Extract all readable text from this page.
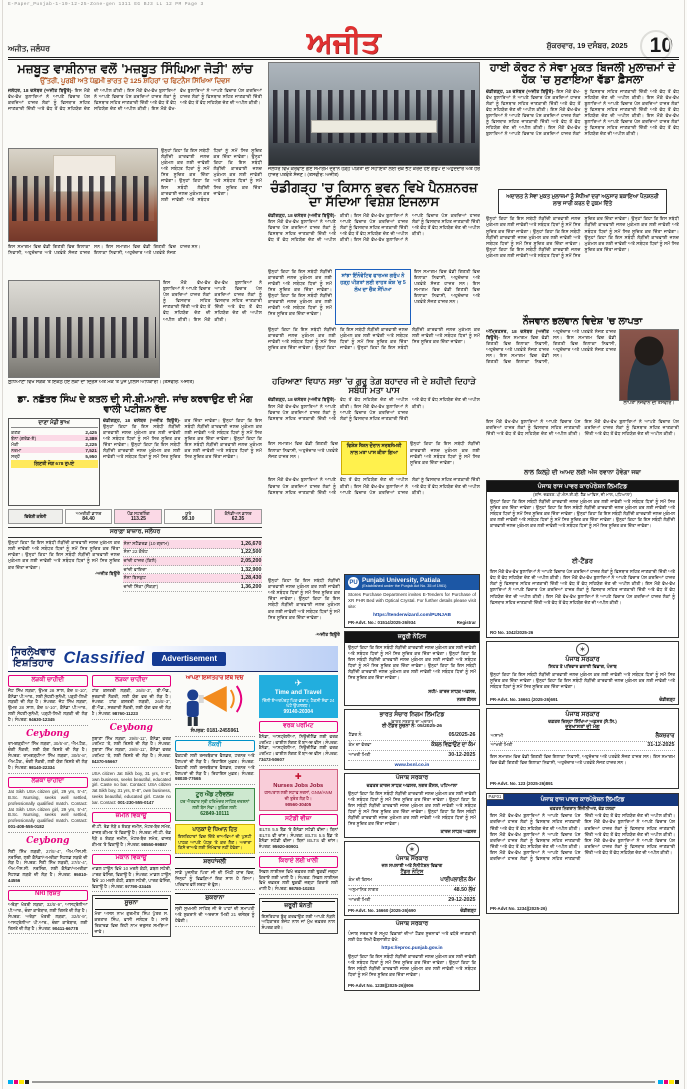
E-Paper_Punjab-1-19-12-25-Zone-gen 1311 EG BJ3 LL 12 PM Page 3
ਅਜੀਤ, ਜਲੰਧਰ	ਅਜੀਤ	ਸ਼ੁੱਕਰਵਾਰ, 19 ਦਸੰਬਰ, 2025 10
ਮਜ਼ਬੂਤ ਵਾਸ਼ੀਨਾਜ਼ ਵਲੋਂ 'ਮਜ਼ਬੂਤ ਸਿੰਘਿਆ ਜੋੜੀ' ਲਾਂਚ
ਉੱਤਰੀ, ਪੂਰਬੀ ਅਤੇ ਪੱਛਮੀ ਭਾਰਤ ਦੇ 125 ਸ਼ਹਿਰਾਂ 'ਚ ਫਿਟਨੈਸ ਸਿੱਖਿਆ ਦਿਵਸ
ਜਲੰਧਰ, 18 ਦਸੰਬਰ (ਅਜੀਤ ਬਿਊਰੋ)- ਇਸ ਮੌਕੇ ਵੱਖ-ਵੱਖ ਬੁਲਾਰਿਆਂ ਨੇ ਆਪਣੇ ਵਿਚਾਰ ਪੇਸ਼ ਕਰਦਿਆਂ ਹਾਜ਼ਰ ਲੋਕਾਂ ਨੂੰ ਵਿਸਥਾਰ ਸਹਿਤ ਜਾਣਕਾਰੀ ਦਿੱਤੀ ਅਤੇ ਵੱਧ ਤੋਂ ਵੱਧ ਸਹਿਯੋਗ ਦੇਣ ਦੀ ਅਪੀਲ ਕੀਤੀ। ਇਸ ਮੌਕੇ ਵੱਖ-ਵੱਖ ਬੁਲਾਰਿਆਂ ਨੇ ਆਪਣੇ ਵਿਚਾਰ ਪੇਸ਼ ਕਰਦਿਆਂ ਹਾਜ਼ਰ ਲੋਕਾਂ ਨੂੰ ਵਿਸਥਾਰ ਸਹਿਤ ਜਾਣਕਾਰੀ ਦਿੱਤੀ ਅਤੇ ਵੱਧ ਤੋਂ ਵੱਧ ਸਹਿਯੋਗ ਦੇਣ ਦੀ ਅਪੀਲ ਕੀਤੀ। ਇਸ ਮੌਕੇ ਵੱਖ-ਵੱਖ ਬੁਲਾਰਿਆਂ ਨੇ ਆਪਣੇ ਵਿਚਾਰ ਪੇਸ਼ ਕਰਦਿਆਂ ਹਾਜ਼ਰ ਲੋਕਾਂ ਨੂੰ ਵਿਸਥਾਰ ਸਹਿਤ ਜਾਣਕਾਰੀ ਦਿੱਤੀ ਅਤੇ ਵੱਧ ਤੋਂ ਵੱਧ ਸਹਿਯੋਗ ਦੇਣ ਦੀ ਅਪੀਲ ਕੀਤੀ।
ਉਨ੍ਹਾਂ ਕਿਹਾ ਕਿ ਇਸ ਸਬੰਧੀ ਲੋੜੀਂਦੀ ਕਾਰਵਾਈ ਜਲਦ ਮੁਕੰਮਲ ਕਰ ਲਈ ਜਾਵੇਗੀ ਅਤੇ ਸਬੰਧਤ ਧਿਰਾਂ ਨੂੰ ਸਮੇਂ ਸਿਰ ਸੂਚਿਤ ਕਰ ਦਿੱਤਾ ਜਾਵੇਗਾ। ਉਨ੍ਹਾਂ ਕਿਹਾ ਕਿ ਇਸ ਸਬੰਧੀ ਲੋੜੀਂਦੀ ਕਾਰਵਾਈ ਜਲਦ ਮੁਕੰਮਲ ਕਰ ਲਈ ਜਾਵੇਗੀ ਅਤੇ ਸਬੰਧਤ ਧਿਰਾਂ ਨੂੰ ਸਮੇਂ ਸਿਰ ਸੂਚਿਤ ਕਰ ਦਿੱਤਾ ਜਾਵੇਗਾ। ਉਨ੍ਹਾਂ ਕਿਹਾ ਕਿ ਇਸ ਸਬੰਧੀ ਲੋੜੀਂਦੀ ਕਾਰਵਾਈ ਜਲਦ ਮੁਕੰਮਲ ਕਰ ਲਈ ਜਾਵੇਗੀ ਅਤੇ ਸਬੰਧਤ ਧਿਰਾਂ ਨੂੰ ਸਮੇਂ ਸਿਰ ਸੂਚਿਤ ਕਰ ਦਿੱਤਾ ਜਾਵੇਗਾ।
ਇਸ ਸਮਾਗਮ ਵਿਚ ਵੱਡੀ ਗਿਣਤੀ ਵਿਚ ਇਲਾਕਾ ਨਿਵਾਸੀ, ਅਹੁਦੇਦਾਰ ਅਤੇ ਪਤਵੰਤੇ ਸੱਜਣ ਹਾਜ਼ਰ ਸਨ। ਇਸ ਸਮਾਗਮ ਵਿਚ ਵੱਡੀ ਗਿਣਤੀ ਵਿਚ ਇਲਾਕਾ ਨਿਵਾਸੀ, ਅਹੁਦੇਦਾਰ ਅਤੇ ਪਤਵੰਤੇ ਸੱਜਣ ਹਾਜ਼ਰ ਸਨ।
ਇਸ ਮੌਕੇ ਵੱਖ-ਵੱਖ ਬੁਲਾਰਿਆਂ ਨੇ ਆਪਣੇ ਵਿਚਾਰ ਪੇਸ਼ ਕਰਦਿਆਂ ਹਾਜ਼ਰ ਲੋਕਾਂ ਨੂੰ ਵਿਸਥਾਰ ਸਹਿਤ ਜਾਣਕਾਰੀ ਦਿੱਤੀ ਅਤੇ ਵੱਧ ਤੋਂ ਵੱਧ ਸਹਿਯੋਗ ਦੇਣ ਦੀ ਅਪੀਲ ਕੀਤੀ। ਇਸ ਮੌਕੇ ਵੱਖ-ਵੱਖ ਬੁਲਾਰਿਆਂ ਨੇ ਆਪਣੇ ਵਿਚਾਰ ਪੇਸ਼ ਕਰਦਿਆਂ ਹਾਜ਼ਰ ਲੋਕਾਂ ਨੂੰ ਵਿਸਥਾਰ ਸਹਿਤ ਜਾਣਕਾਰੀ ਦਿੱਤੀ ਅਤੇ ਵੱਧ ਤੋਂ ਵੱਧ ਸਹਿਯੋਗ ਦੇਣ ਦੀ ਅਪੀਲ ਕੀਤੀ।
ਲੁਧਿਆਣਾ ਵਿਖੇ ਸੜਕ 'ਤੇ ਇਕੱਠੇ ਹੋਏ ਲੋਕਾਂ ਦਾ ਦ੍ਰਿਸ਼ ਅਤੇ ਮੌਕੇ 'ਤੇ ਪੁੱਜੇ ਪੁਲਿਸ ਅਧਿਕਾਰੀ। (ਤਸਵੀਰ: ਅਜੀਤ)
ਡਾ. ਨਛੱਤਰ ਸਿੰਘ ਦੇ ਕਤਲ ਦੀ ਸੀ.ਬੀ.ਆਈ. ਜਾਂਚ ਕਰਵਾਉਣ ਦੀ ਮੰਗ ਵਾਲੀ ਪਟੀਸ਼ਨ ਰੱਦ
ਦਾਣਾ ਮੰਡੀ ਭਾਅ
ਕਣਕ	2,425
ਝੋਨਾ (ਗਰੇਡ-ਏ)	2,389
ਮੱਕੀ	2,225
ਨਰਮਾ	7,521
ਸਰ੍ਹੋਂ	5,950
ਗਿਣਤੀ ਜੋੜ 678 ਰੁਪਏ
ਚੰਡੀਗੜ੍ਹ, 18 ਦਸੰਬਰ (ਅਜੀਤ ਬਿਊਰੋ)- ਉਨ੍ਹਾਂ ਕਿਹਾ ਕਿ ਇਸ ਸਬੰਧੀ ਲੋੜੀਂਦੀ ਕਾਰਵਾਈ ਜਲਦ ਮੁਕੰਮਲ ਕਰ ਲਈ ਜਾਵੇਗੀ ਅਤੇ ਸਬੰਧਤ ਧਿਰਾਂ ਨੂੰ ਸਮੇਂ ਸਿਰ ਸੂਚਿਤ ਕਰ ਦਿੱਤਾ ਜਾਵੇਗਾ। ਉਨ੍ਹਾਂ ਕਿਹਾ ਕਿ ਇਸ ਸਬੰਧੀ ਲੋੜੀਂਦੀ ਕਾਰਵਾਈ ਜਲਦ ਮੁਕੰਮਲ ਕਰ ਲਈ ਜਾਵੇਗੀ ਅਤੇ ਸਬੰਧਤ ਧਿਰਾਂ ਨੂੰ ਸਮੇਂ ਸਿਰ ਸੂਚਿਤ ਕਰ ਦਿੱਤਾ ਜਾਵੇਗਾ। ਉਨ੍ਹਾਂ ਕਿਹਾ ਕਿ ਇਸ ਸਬੰਧੀ ਲੋੜੀਂਦੀ ਕਾਰਵਾਈ ਜਲਦ ਮੁਕੰਮਲ ਕਰ ਲਈ ਜਾਵੇਗੀ ਅਤੇ ਸਬੰਧਤ ਧਿਰਾਂ ਨੂੰ ਸਮੇਂ ਸਿਰ ਸੂਚਿਤ ਕਰ ਦਿੱਤਾ ਜਾਵੇਗਾ। ਉਨ੍ਹਾਂ ਕਿਹਾ ਕਿ ਇਸ ਸਬੰਧੀ ਲੋੜੀਂਦੀ ਕਾਰਵਾਈ ਜਲਦ ਮੁਕੰਮਲ ਕਰ ਲਈ ਜਾਵੇਗੀ ਅਤੇ ਸਬੰਧਤ ਧਿਰਾਂ ਨੂੰ ਸਮੇਂ ਸਿਰ ਸੂਚਿਤ ਕਰ ਦਿੱਤਾ ਜਾਵੇਗਾ।
ਵਿਦੇਸ਼ੀ ਕਰੰਸੀ
ਅਮਰੀਕੀ ਡਾਲਰ
84.40
ਪੌਂਡ ਸਟਰਲਿੰਗ
113.25
ਯੂਰੋ
99.10
ਕੈਨੇਡੀਅਨ ਡਾਲਰ
62.35
ਸਰਾਫ਼ਾ ਬਾਜ਼ਾਰ, ਜਲੰਧਰ
ਉਨ੍ਹਾਂ ਕਿਹਾ ਕਿ ਇਸ ਸਬੰਧੀ ਲੋੜੀਂਦੀ ਕਾਰਵਾਈ ਜਲਦ ਮੁਕੰਮਲ ਕਰ ਲਈ ਜਾਵੇਗੀ ਅਤੇ ਸਬੰਧਤ ਧਿਰਾਂ ਨੂੰ ਸਮੇਂ ਸਿਰ ਸੂਚਿਤ ਕਰ ਦਿੱਤਾ ਜਾਵੇਗਾ। ਉਨ੍ਹਾਂ ਕਿਹਾ ਕਿ ਇਸ ਸਬੰਧੀ ਲੋੜੀਂਦੀ ਕਾਰਵਾਈ ਜਲਦ ਮੁਕੰਮਲ ਕਰ ਲਈ ਜਾਵੇਗੀ ਅਤੇ ਸਬੰਧਤ ਧਿਰਾਂ ਨੂੰ ਸਮੇਂ ਸਿਰ ਸੂਚਿਤ ਕਰ ਦਿੱਤਾ ਜਾਵੇਗਾ।
-ਅਜੀਤ ਬਿਊਰੋ
ਸੋਨਾ ਸਟੈਂਡਰਡ (10 ਗ੍ਰਾਮ)	1,26,670
ਸੋਨਾ 22 ਕੈਰੇਟ	1,22,500
ਚਾਂਦੀ ਹਾਜ਼ਰ (ਕਿਲੋ)	2,05,200
ਚਾਂਦੀ ਵਾਇਦਾ	1,32,900
ਸੋਨਾ ਬਿਸਕੁਟ	1,28,430
ਚਾਂਦੀ ਸਿੱਕਾ (ਸੈਂਕੜਾ)	1,36,200
ਜਲੰਧਰ ਵਿਖੇ ਕਰਵਾਏ ਗਏ ਸਮਾਗਮ ਦੌਰਾਨ ਹੜ੍ਹ ਪੀੜਤਾਂ ਦੀ ਸਹਾਇਤਾ ਲਈ ਚੈੱਕ ਭੇਟ ਕਰਦੇ ਹੋਏ ਗਰੁੱਪ ਦੇ ਅਹੁਦੇਦਾਰ ਅਤੇ ਹੋਰ ਹਾਜ਼ਰ ਪਤਵੰਤੇ ਸੱਜਣ। (ਤਸਵੀਰ: ਅਜੀਤ)
ਚੰਡੀਗੜ੍ਹ 'ਚ ਕਿਸਾਨ ਭਵਨ ਵਿਖੇ ਪੈਨਸ਼ਨਰਜ਼ ਦਾ ਸੱਦਿਆ ਵਿਸ਼ੇਸ਼ ਇਜਲਾਸ
ਚੰਡੀਗੜ੍ਹ, 18 ਦਸੰਬਰ (ਅਜੀਤ ਬਿਊਰੋ)- ਇਸ ਮੌਕੇ ਵੱਖ-ਵੱਖ ਬੁਲਾਰਿਆਂ ਨੇ ਆਪਣੇ ਵਿਚਾਰ ਪੇਸ਼ ਕਰਦਿਆਂ ਹਾਜ਼ਰ ਲੋਕਾਂ ਨੂੰ ਵਿਸਥਾਰ ਸਹਿਤ ਜਾਣਕਾਰੀ ਦਿੱਤੀ ਅਤੇ ਵੱਧ ਤੋਂ ਵੱਧ ਸਹਿਯੋਗ ਦੇਣ ਦੀ ਅਪੀਲ ਕੀਤੀ। ਇਸ ਮੌਕੇ ਵੱਖ-ਵੱਖ ਬੁਲਾਰਿਆਂ ਨੇ ਆਪਣੇ ਵਿਚਾਰ ਪੇਸ਼ ਕਰਦਿਆਂ ਹਾਜ਼ਰ ਲੋਕਾਂ ਨੂੰ ਵਿਸਥਾਰ ਸਹਿਤ ਜਾਣਕਾਰੀ ਦਿੱਤੀ ਅਤੇ ਵੱਧ ਤੋਂ ਵੱਧ ਸਹਿਯੋਗ ਦੇਣ ਦੀ ਅਪੀਲ ਕੀਤੀ। ਇਸ ਮੌਕੇ ਵੱਖ-ਵੱਖ ਬੁਲਾਰਿਆਂ ਨੇ ਆਪਣੇ ਵਿਚਾਰ ਪੇਸ਼ ਕਰਦਿਆਂ ਹਾਜ਼ਰ ਲੋਕਾਂ ਨੂੰ ਵਿਸਥਾਰ ਸਹਿਤ ਜਾਣਕਾਰੀ ਦਿੱਤੀ ਅਤੇ ਵੱਧ ਤੋਂ ਵੱਧ ਸਹਿਯੋਗ ਦੇਣ ਦੀ ਅਪੀਲ ਕੀਤੀ।
ਉਨ੍ਹਾਂ ਕਿਹਾ ਕਿ ਇਸ ਸਬੰਧੀ ਲੋੜੀਂਦੀ ਕਾਰਵਾਈ ਜਲਦ ਮੁਕੰਮਲ ਕਰ ਲਈ ਜਾਵੇਗੀ ਅਤੇ ਸਬੰਧਤ ਧਿਰਾਂ ਨੂੰ ਸਮੇਂ ਸਿਰ ਸੂਚਿਤ ਕਰ ਦਿੱਤਾ ਜਾਵੇਗਾ। ਉਨ੍ਹਾਂ ਕਿਹਾ ਕਿ ਇਸ ਸਬੰਧੀ ਲੋੜੀਂਦੀ ਕਾਰਵਾਈ ਜਲਦ ਮੁਕੰਮਲ ਕਰ ਲਈ ਜਾਵੇਗੀ ਅਤੇ ਸਬੰਧਤ ਧਿਰਾਂ ਨੂੰ ਸਮੇਂ ਸਿਰ ਸੂਚਿਤ ਕਰ ਦਿੱਤਾ ਜਾਵੇਗਾ।
ਸਾਂਝਾ ਇੰਨੋਵੇਟਿਵ ਫਾਰਮਜ਼ ਗਰੁੱਪ ਨੇ ਹੜ੍ਹ ਪੀੜਤਾਂ ਲਈ ਰਾਹਤ ਕੋਸ਼ 'ਚ 5 ਲੱਖ ਦਾ ਚੈੱਕ ਸੌਂਪਿਆ
ਇਸ ਸਮਾਗਮ ਵਿਚ ਵੱਡੀ ਗਿਣਤੀ ਵਿਚ ਇਲਾਕਾ ਨਿਵਾਸੀ, ਅਹੁਦੇਦਾਰ ਅਤੇ ਪਤਵੰਤੇ ਸੱਜਣ ਹਾਜ਼ਰ ਸਨ। ਇਸ ਸਮਾਗਮ ਵਿਚ ਵੱਡੀ ਗਿਣਤੀ ਵਿਚ ਇਲਾਕਾ ਨਿਵਾਸੀ, ਅਹੁਦੇਦਾਰ ਅਤੇ ਪਤਵੰਤੇ ਸੱਜਣ ਹਾਜ਼ਰ ਸਨ।
ਉਨ੍ਹਾਂ ਕਿਹਾ ਕਿ ਇਸ ਸਬੰਧੀ ਲੋੜੀਂਦੀ ਕਾਰਵਾਈ ਜਲਦ ਮੁਕੰਮਲ ਕਰ ਲਈ ਜਾਵੇਗੀ ਅਤੇ ਸਬੰਧਤ ਧਿਰਾਂ ਨੂੰ ਸਮੇਂ ਸਿਰ ਸੂਚਿਤ ਕਰ ਦਿੱਤਾ ਜਾਵੇਗਾ। ਉਨ੍ਹਾਂ ਕਿਹਾ ਕਿ ਇਸ ਸਬੰਧੀ ਲੋੜੀਂਦੀ ਕਾਰਵਾਈ ਜਲਦ ਮੁਕੰਮਲ ਕਰ ਲਈ ਜਾਵੇਗੀ ਅਤੇ ਸਬੰਧਤ ਧਿਰਾਂ ਨੂੰ ਸਮੇਂ ਸਿਰ ਸੂਚਿਤ ਕਰ ਦਿੱਤਾ ਜਾਵੇਗਾ। ਉਨ੍ਹਾਂ ਕਿਹਾ ਕਿ ਇਸ ਸਬੰਧੀ ਲੋੜੀਂਦੀ ਕਾਰਵਾਈ ਜਲਦ ਮੁਕੰਮਲ ਕਰ ਲਈ ਜਾਵੇਗੀ ਅਤੇ ਸਬੰਧਤ ਧਿਰਾਂ ਨੂੰ ਸਮੇਂ ਸਿਰ ਸੂਚਿਤ ਕਰ ਦਿੱਤਾ ਜਾਵੇਗਾ।
ਹਰਿਆਣਾ ਵਿਧਾਨ ਸਭਾ 'ਚ ਗੁਰੂ ਤੇਗ਼ ਬਹਾਦਰ ਜੀ ਦੇ ਸ਼ਹੀਦੀ ਦਿਹਾੜੇ ਸਬੰਧੀ ਮਤਾ ਪਾਸ
ਚੰਡੀਗੜ੍ਹ, 18 ਦਸੰਬਰ (ਅਜੀਤ ਬਿਊਰੋ)- ਇਸ ਮੌਕੇ ਵੱਖ-ਵੱਖ ਬੁਲਾਰਿਆਂ ਨੇ ਆਪਣੇ ਵਿਚਾਰ ਪੇਸ਼ ਕਰਦਿਆਂ ਹਾਜ਼ਰ ਲੋਕਾਂ ਨੂੰ ਵਿਸਥਾਰ ਸਹਿਤ ਜਾਣਕਾਰੀ ਦਿੱਤੀ ਅਤੇ ਵੱਧ ਤੋਂ ਵੱਧ ਸਹਿਯੋਗ ਦੇਣ ਦੀ ਅਪੀਲ ਕੀਤੀ। ਇਸ ਮੌਕੇ ਵੱਖ-ਵੱਖ ਬੁਲਾਰਿਆਂ ਨੇ ਆਪਣੇ ਵਿਚਾਰ ਪੇਸ਼ ਕਰਦਿਆਂ ਹਾਜ਼ਰ ਲੋਕਾਂ ਨੂੰ ਵਿਸਥਾਰ ਸਹਿਤ ਜਾਣਕਾਰੀ ਦਿੱਤੀ ਅਤੇ ਵੱਧ ਤੋਂ ਵੱਧ ਸਹਿਯੋਗ ਦੇਣ ਦੀ ਅਪੀਲ ਕੀਤੀ।
ਇਸ ਸਮਾਗਮ ਵਿਚ ਵੱਡੀ ਗਿਣਤੀ ਵਿਚ ਇਲਾਕਾ ਨਿਵਾਸੀ, ਅਹੁਦੇਦਾਰ ਅਤੇ ਪਤਵੰਤੇ ਸੱਜਣ ਹਾਜ਼ਰ ਸਨ।
ਵਿਸ਼ੇਸ਼ ਸੈਸ਼ਨ ਦੌਰਾਨ ਸਰਬਸੰਮਤੀ ਨਾਲ ਮਤਾ ਪਾਸ ਕੀਤਾ ਗਿਆ
ਉਨ੍ਹਾਂ ਕਿਹਾ ਕਿ ਇਸ ਸਬੰਧੀ ਲੋੜੀਂਦੀ ਕਾਰਵਾਈ ਜਲਦ ਮੁਕੰਮਲ ਕਰ ਲਈ ਜਾਵੇਗੀ ਅਤੇ ਸਬੰਧਤ ਧਿਰਾਂ ਨੂੰ ਸਮੇਂ ਸਿਰ ਸੂਚਿਤ ਕਰ ਦਿੱਤਾ ਜਾਵੇਗਾ।
ਇਸ ਮੌਕੇ ਵੱਖ-ਵੱਖ ਬੁਲਾਰਿਆਂ ਨੇ ਆਪਣੇ ਵਿਚਾਰ ਪੇਸ਼ ਕਰਦਿਆਂ ਹਾਜ਼ਰ ਲੋਕਾਂ ਨੂੰ ਵਿਸਥਾਰ ਸਹਿਤ ਜਾਣਕਾਰੀ ਦਿੱਤੀ ਅਤੇ ਵੱਧ ਤੋਂ ਵੱਧ ਸਹਿਯੋਗ ਦੇਣ ਦੀ ਅਪੀਲ ਕੀਤੀ। ਇਸ ਮੌਕੇ ਵੱਖ-ਵੱਖ ਬੁਲਾਰਿਆਂ ਨੇ ਆਪਣੇ ਵਿਚਾਰ ਪੇਸ਼ ਕਰਦਿਆਂ ਹਾਜ਼ਰ ਲੋਕਾਂ ਨੂੰ ਵਿਸਥਾਰ ਸਹਿਤ ਜਾਣਕਾਰੀ ਦਿੱਤੀ ਅਤੇ ਵੱਧ ਤੋਂ ਵੱਧ ਸਹਿਯੋਗ ਦੇਣ ਦੀ ਅਪੀਲ ਕੀਤੀ।
ਉਨ੍ਹਾਂ ਕਿਹਾ ਕਿ ਇਸ ਸਬੰਧੀ ਲੋੜੀਂਦੀ ਕਾਰਵਾਈ ਜਲਦ ਮੁਕੰਮਲ ਕਰ ਲਈ ਜਾਵੇਗੀ ਅਤੇ ਸਬੰਧਤ ਧਿਰਾਂ ਨੂੰ ਸਮੇਂ ਸਿਰ ਸੂਚਿਤ ਕਰ ਦਿੱਤਾ ਜਾਵੇਗਾ। ਉਨ੍ਹਾਂ ਕਿਹਾ ਕਿ ਇਸ ਸਬੰਧੀ ਲੋੜੀਂਦੀ ਕਾਰਵਾਈ ਜਲਦ ਮੁਕੰਮਲ ਕਰ ਲਈ ਜਾਵੇਗੀ ਅਤੇ ਸਬੰਧਤ ਧਿਰਾਂ ਨੂੰ ਸਮੇਂ ਸਿਰ ਸੂਚਿਤ ਕਰ ਦਿੱਤਾ ਜਾਵੇਗਾ।
-ਅਜੀਤ ਬਿਊਰੋ
PU Punjabi University, Patiala
(Established under the Punjab Act No. 35 of 1961)
Stores Purchase Department invites E-Tenders for Purchase of XR PHR Bed with Optical Crystal. For further details please visit site:
https://tenderwizard.com/PUNJAB
PR-Advt. No.: 01514/2025-26/934	Registrar
ਜ਼ਰੂਰੀ ਨੋਟਿਸ
ਉਨ੍ਹਾਂ ਕਿਹਾ ਕਿ ਇਸ ਸਬੰਧੀ ਲੋੜੀਂਦੀ ਕਾਰਵਾਈ ਜਲਦ ਮੁਕੰਮਲ ਕਰ ਲਈ ਜਾਵੇਗੀ ਅਤੇ ਸਬੰਧਤ ਧਿਰਾਂ ਨੂੰ ਸਮੇਂ ਸਿਰ ਸੂਚਿਤ ਕਰ ਦਿੱਤਾ ਜਾਵੇਗਾ। ਉਨ੍ਹਾਂ ਕਿਹਾ ਕਿ ਇਸ ਸਬੰਧੀ ਲੋੜੀਂਦੀ ਕਾਰਵਾਈ ਜਲਦ ਮੁਕੰਮਲ ਕਰ ਲਈ ਜਾਵੇਗੀ ਅਤੇ ਸਬੰਧਤ ਧਿਰਾਂ ਨੂੰ ਸਮੇਂ ਸਿਰ ਸੂਚਿਤ ਕਰ ਦਿੱਤਾ ਜਾਵੇਗਾ। ਉਨ੍ਹਾਂ ਕਿਹਾ ਕਿ ਇਸ ਸਬੰਧੀ ਲੋੜੀਂਦੀ ਕਾਰਵਾਈ ਜਲਦ ਮੁਕੰਮਲ ਕਰ ਲਈ ਜਾਵੇਗੀ ਅਤੇ ਸਬੰਧਤ ਧਿਰਾਂ ਨੂੰ ਸਮੇਂ ਸਿਰ ਸੂਚਿਤ ਕਰ ਦਿੱਤਾ ਜਾਵੇਗਾ।
ਸਹੀ/- ਕਾਰਜ ਸਾਧਕ ਅਫ਼ਸਰ,
ਨਗਰ ਕੌਂਸਲ
ਭਾਰਤ ਸੰਚਾਰ ਨਿਗਮ ਲਿਮਟਿਡ
(ਭਾਰਤ ਸਰਕਾਰ ਦਾ ਅਦਾਰਾ)
ਈ-ਟੈਂਡਰ ਸੂਚਨਾ ਨੰ: 05/2025-26
ਟੈਂਡਰ ਨੰ.	05/2025-26
ਕੰਮ ਦਾ ਵੇਰਵਾ	ਕੇਬਲ ਵਿਛਾਉਣ ਦਾ ਕੰਮ
ਆਖਰੀ ਮਿਤੀ	30-12-2025
www.bsnl.co.in
ਪੰਜਾਬ ਸਰਕਾਰ
ਦਫ਼ਤਰ ਕਾਰਜ ਸਾਧਕ ਅਫ਼ਸਰ, ਨਗਰ ਕੌਂਸਲ, ਪਟਿਆਲਾ
ਉਨ੍ਹਾਂ ਕਿਹਾ ਕਿ ਇਸ ਸਬੰਧੀ ਲੋੜੀਂਦੀ ਕਾਰਵਾਈ ਜਲਦ ਮੁਕੰਮਲ ਕਰ ਲਈ ਜਾਵੇਗੀ ਅਤੇ ਸਬੰਧਤ ਧਿਰਾਂ ਨੂੰ ਸਮੇਂ ਸਿਰ ਸੂਚਿਤ ਕਰ ਦਿੱਤਾ ਜਾਵੇਗਾ। ਉਨ੍ਹਾਂ ਕਿਹਾ ਕਿ ਇਸ ਸਬੰਧੀ ਲੋੜੀਂਦੀ ਕਾਰਵਾਈ ਜਲਦ ਮੁਕੰਮਲ ਕਰ ਲਈ ਜਾਵੇਗੀ ਅਤੇ ਸਬੰਧਤ ਧਿਰਾਂ ਨੂੰ ਸਮੇਂ ਸਿਰ ਸੂਚਿਤ ਕਰ ਦਿੱਤਾ ਜਾਵੇਗਾ। ਉਨ੍ਹਾਂ ਕਿਹਾ ਕਿ ਇਸ ਸਬੰਧੀ ਲੋੜੀਂਦੀ ਕਾਰਵਾਈ ਜਲਦ ਮੁਕੰਮਲ ਕਰ ਲਈ ਜਾਵੇਗੀ ਅਤੇ ਸਬੰਧਤ ਧਿਰਾਂ ਨੂੰ ਸਮੇਂ ਸਿਰ ਸੂਚਿਤ ਕਰ ਦਿੱਤਾ ਜਾਵੇਗਾ।
ਕਾਰਜ ਸਾਧਕ ਅਫ਼ਸਰ
✶
ਪੰਜਾਬ ਸਰਕਾਰ
ਜਲ ਸਪਲਾਈ ਅਤੇ ਸੈਨੀਟੇਸ਼ਨ ਵਿਭਾਗ
ਟੈਂਡਰ ਨੋਟਿਸ
ਕੰਮ ਦੀ ਕਿਸਮ	ਪਾਈਪਲਾਈਨ ਕੰਮ
ਅਨੁਮਾਨਿਤ ਲਾਗਤ	48.50 ਲੱਖ
ਆਖਰੀ ਮਿਤੀ	29-12-2025
PR-Advt. No. 16660 (2025-26)690	ਚੰਡੀਗੜ੍ਹ
ਪੰਜਾਬ ਸਰਕਾਰ
ਪੰਜਾਬ ਸਰਕਾਰ ਦੇ ਸਮੂਹ ਵਿਭਾਗਾਂ ਦੀਆਂ ਟੈਂਡਰ ਸੂਚਨਾਵਾਂ ਅਤੇ ਵਧੇਰੇ ਜਾਣਕਾਰੀ ਲਈ ਹੇਠ ਲਿਖੀ ਵੈੱਬਸਾਈਟ ਵੇਖੋ:
https://eproc.punjab.gov.in
ਉਨ੍ਹਾਂ ਕਿਹਾ ਕਿ ਇਸ ਸਬੰਧੀ ਲੋੜੀਂਦੀ ਕਾਰਵਾਈ ਜਲਦ ਮੁਕੰਮਲ ਕਰ ਲਈ ਜਾਵੇਗੀ ਅਤੇ ਸਬੰਧਤ ਧਿਰਾਂ ਨੂੰ ਸਮੇਂ ਸਿਰ ਸੂਚਿਤ ਕਰ ਦਿੱਤਾ ਜਾਵੇਗਾ। ਉਨ੍ਹਾਂ ਕਿਹਾ ਕਿ ਇਸ ਸਬੰਧੀ ਲੋੜੀਂਦੀ ਕਾਰਵਾਈ ਜਲਦ ਮੁਕੰਮਲ ਕਰ ਲਈ ਜਾਵੇਗੀ ਅਤੇ ਸਬੰਧਤ ਧਿਰਾਂ ਨੂੰ ਸਮੇਂ ਸਿਰ ਸੂਚਿਤ ਕਰ ਦਿੱਤਾ ਜਾਵੇਗਾ।
PR-Advt No. 1238|(2025-26)|906
ਹਾਈ ਕੋਰਟ ਨੇ ਸੇਵਾ ਮੁਕਤ ਬਿਜਲੀ ਮੁਲਾਜ਼ਮਾਂ ਦੇ ਹੱਕ 'ਚ ਸੁਣਾਇਆ ਵੱਡਾ ਫ਼ੈਸਲਾ
ਚੰਡੀਗੜ੍ਹ, 18 ਦਸੰਬਰ (ਅਜੀਤ ਬਿਊਰੋ)- ਇਸ ਮੌਕੇ ਵੱਖ-ਵੱਖ ਬੁਲਾਰਿਆਂ ਨੇ ਆਪਣੇ ਵਿਚਾਰ ਪੇਸ਼ ਕਰਦਿਆਂ ਹਾਜ਼ਰ ਲੋਕਾਂ ਨੂੰ ਵਿਸਥਾਰ ਸਹਿਤ ਜਾਣਕਾਰੀ ਦਿੱਤੀ ਅਤੇ ਵੱਧ ਤੋਂ ਵੱਧ ਸਹਿਯੋਗ ਦੇਣ ਦੀ ਅਪੀਲ ਕੀਤੀ। ਇਸ ਮੌਕੇ ਵੱਖ-ਵੱਖ ਬੁਲਾਰਿਆਂ ਨੇ ਆਪਣੇ ਵਿਚਾਰ ਪੇਸ਼ ਕਰਦਿਆਂ ਹਾਜ਼ਰ ਲੋਕਾਂ ਨੂੰ ਵਿਸਥਾਰ ਸਹਿਤ ਜਾਣਕਾਰੀ ਦਿੱਤੀ ਅਤੇ ਵੱਧ ਤੋਂ ਵੱਧ ਸਹਿਯੋਗ ਦੇਣ ਦੀ ਅਪੀਲ ਕੀਤੀ। ਇਸ ਮੌਕੇ ਵੱਖ-ਵੱਖ ਬੁਲਾਰਿਆਂ ਨੇ ਆਪਣੇ ਵਿਚਾਰ ਪੇਸ਼ ਕਰਦਿਆਂ ਹਾਜ਼ਰ ਲੋਕਾਂ ਨੂੰ ਵਿਸਥਾਰ ਸਹਿਤ ਜਾਣਕਾਰੀ ਦਿੱਤੀ ਅਤੇ ਵੱਧ ਤੋਂ ਵੱਧ ਸਹਿਯੋਗ ਦੇਣ ਦੀ ਅਪੀਲ ਕੀਤੀ। ਇਸ ਮੌਕੇ ਵੱਖ-ਵੱਖ ਬੁਲਾਰਿਆਂ ਨੇ ਆਪਣੇ ਵਿਚਾਰ ਪੇਸ਼ ਕਰਦਿਆਂ ਹਾਜ਼ਰ ਲੋਕਾਂ ਨੂੰ ਵਿਸਥਾਰ ਸਹਿਤ ਜਾਣਕਾਰੀ ਦਿੱਤੀ ਅਤੇ ਵੱਧ ਤੋਂ ਵੱਧ ਸਹਿਯੋਗ ਦੇਣ ਦੀ ਅਪੀਲ ਕੀਤੀ। ਇਸ ਮੌਕੇ ਵੱਖ-ਵੱਖ ਬੁਲਾਰਿਆਂ ਨੇ ਆਪਣੇ ਵਿਚਾਰ ਪੇਸ਼ ਕਰਦਿਆਂ ਹਾਜ਼ਰ ਲੋਕਾਂ ਨੂੰ ਵਿਸਥਾਰ ਸਹਿਤ ਜਾਣਕਾਰੀ ਦਿੱਤੀ ਅਤੇ ਵੱਧ ਤੋਂ ਵੱਧ ਸਹਿਯੋਗ ਦੇਣ ਦੀ ਅਪੀਲ ਕੀਤੀ।
ਅਦਾਲਤ ਨੇ ਸੇਵਾ ਮੁਕਤ ਮੁਲਾਜ਼ਮਾਂ ਨੂੰ ਸੋਧੀਆਂ ਦਰਾਂ ਅਨੁਸਾਰ ਬਕਾਇਆ ਪੈਨਸ਼ਨਰੀ ਲਾਭ ਜਾਰੀ ਕਰਨ ਦੇ ਹੁਕਮ ਦਿੱਤੇ
ਉਨ੍ਹਾਂ ਕਿਹਾ ਕਿ ਇਸ ਸਬੰਧੀ ਲੋੜੀਂਦੀ ਕਾਰਵਾਈ ਜਲਦ ਮੁਕੰਮਲ ਕਰ ਲਈ ਜਾਵੇਗੀ ਅਤੇ ਸਬੰਧਤ ਧਿਰਾਂ ਨੂੰ ਸਮੇਂ ਸਿਰ ਸੂਚਿਤ ਕਰ ਦਿੱਤਾ ਜਾਵੇਗਾ। ਉਨ੍ਹਾਂ ਕਿਹਾ ਕਿ ਇਸ ਸਬੰਧੀ ਲੋੜੀਂਦੀ ਕਾਰਵਾਈ ਜਲਦ ਮੁਕੰਮਲ ਕਰ ਲਈ ਜਾਵੇਗੀ ਅਤੇ ਸਬੰਧਤ ਧਿਰਾਂ ਨੂੰ ਸਮੇਂ ਸਿਰ ਸੂਚਿਤ ਕਰ ਦਿੱਤਾ ਜਾਵੇਗਾ। ਉਨ੍ਹਾਂ ਕਿਹਾ ਕਿ ਇਸ ਸਬੰਧੀ ਲੋੜੀਂਦੀ ਕਾਰਵਾਈ ਜਲਦ ਮੁਕੰਮਲ ਕਰ ਲਈ ਜਾਵੇਗੀ ਅਤੇ ਸਬੰਧਤ ਧਿਰਾਂ ਨੂੰ ਸਮੇਂ ਸਿਰ ਸੂਚਿਤ ਕਰ ਦਿੱਤਾ ਜਾਵੇਗਾ। ਉਨ੍ਹਾਂ ਕਿਹਾ ਕਿ ਇਸ ਸਬੰਧੀ ਲੋੜੀਂਦੀ ਕਾਰਵਾਈ ਜਲਦ ਮੁਕੰਮਲ ਕਰ ਲਈ ਜਾਵੇਗੀ ਅਤੇ ਸਬੰਧਤ ਧਿਰਾਂ ਨੂੰ ਸਮੇਂ ਸਿਰ ਸੂਚਿਤ ਕਰ ਦਿੱਤਾ ਜਾਵੇਗਾ। ਉਨ੍ਹਾਂ ਕਿਹਾ ਕਿ ਇਸ ਸਬੰਧੀ ਲੋੜੀਂਦੀ ਕਾਰਵਾਈ ਜਲਦ ਮੁਕੰਮਲ ਕਰ ਲਈ ਜਾਵੇਗੀ ਅਤੇ ਸਬੰਧਤ ਧਿਰਾਂ ਨੂੰ ਸਮੇਂ ਸਿਰ ਸੂਚਿਤ ਕਰ ਦਿੱਤਾ ਜਾਵੇਗਾ।
ਨੌਜਵਾਨ ਭਲਵਾਨ ਵਿਦੇਸ਼ 'ਚ ਲਾਪਤਾ
ਅੰਮ੍ਰਿਤਸਰ, 18 ਦਸੰਬਰ (ਅਜੀਤ ਬਿਊਰੋ)- ਇਸ ਸਮਾਗਮ ਵਿਚ ਵੱਡੀ ਗਿਣਤੀ ਵਿਚ ਇਲਾਕਾ ਨਿਵਾਸੀ, ਅਹੁਦੇਦਾਰ ਅਤੇ ਪਤਵੰਤੇ ਸੱਜਣ ਹਾਜ਼ਰ ਸਨ। ਇਸ ਸਮਾਗਮ ਵਿਚ ਵੱਡੀ ਗਿਣਤੀ ਵਿਚ ਇਲਾਕਾ ਨਿਵਾਸੀ, ਅਹੁਦੇਦਾਰ ਅਤੇ ਪਤਵੰਤੇ ਸੱਜਣ ਹਾਜ਼ਰ ਸਨ। ਇਸ ਸਮਾਗਮ ਵਿਚ ਵੱਡੀ ਗਿਣਤੀ ਵਿਚ ਇਲਾਕਾ ਨਿਵਾਸੀ, ਅਹੁਦੇਦਾਰ ਅਤੇ ਪਤਵੰਤੇ ਸੱਜਣ ਹਾਜ਼ਰ ਸਨ।
ਲਾਪਤਾ ਨੌਜਵਾਨ ਦੀ ਤਸਵੀਰ।
ਇਸ ਮੌਕੇ ਵੱਖ-ਵੱਖ ਬੁਲਾਰਿਆਂ ਨੇ ਆਪਣੇ ਵਿਚਾਰ ਪੇਸ਼ ਕਰਦਿਆਂ ਹਾਜ਼ਰ ਲੋਕਾਂ ਨੂੰ ਵਿਸਥਾਰ ਸਹਿਤ ਜਾਣਕਾਰੀ ਦਿੱਤੀ ਅਤੇ ਵੱਧ ਤੋਂ ਵੱਧ ਸਹਿਯੋਗ ਦੇਣ ਦੀ ਅਪੀਲ ਕੀਤੀ। ਇਸ ਮੌਕੇ ਵੱਖ-ਵੱਖ ਬੁਲਾਰਿਆਂ ਨੇ ਆਪਣੇ ਵਿਚਾਰ ਪੇਸ਼ ਕਰਦਿਆਂ ਹਾਜ਼ਰ ਲੋਕਾਂ ਨੂੰ ਵਿਸਥਾਰ ਸਹਿਤ ਜਾਣਕਾਰੀ ਦਿੱਤੀ ਅਤੇ ਵੱਧ ਤੋਂ ਵੱਧ ਸਹਿਯੋਗ ਦੇਣ ਦੀ ਅਪੀਲ ਕੀਤੀ।
ਲਾਲ ਕਿਲ੍ਹੇ ਦੀ ਆਮਦ ਲਈ ਅੱਜ ਰਵਾਨਾ ਹੋਵੇਗਾ ਜਥਾ
ਪੰਜਾਬ ਰਾਜ ਪਾਵਰ ਕਾਰਪੋਰੇਸ਼ਨ ਲਿਮਟਿਡ
(ਰਜਿ. ਦਫ਼ਤਰ: ਪੀ.ਐਸ.ਈ.ਬੀ. ਹੈੱਡ ਆਫਿਸ, ਦੀ ਮਾਲ, ਪਟਿਆਲਾ)
ਉਨ੍ਹਾਂ ਕਿਹਾ ਕਿ ਇਸ ਸਬੰਧੀ ਲੋੜੀਂਦੀ ਕਾਰਵਾਈ ਜਲਦ ਮੁਕੰਮਲ ਕਰ ਲਈ ਜਾਵੇਗੀ ਅਤੇ ਸਬੰਧਤ ਧਿਰਾਂ ਨੂੰ ਸਮੇਂ ਸਿਰ ਸੂਚਿਤ ਕਰ ਦਿੱਤਾ ਜਾਵੇਗਾ। ਉਨ੍ਹਾਂ ਕਿਹਾ ਕਿ ਇਸ ਸਬੰਧੀ ਲੋੜੀਂਦੀ ਕਾਰਵਾਈ ਜਲਦ ਮੁਕੰਮਲ ਕਰ ਲਈ ਜਾਵੇਗੀ ਅਤੇ ਸਬੰਧਤ ਧਿਰਾਂ ਨੂੰ ਸਮੇਂ ਸਿਰ ਸੂਚਿਤ ਕਰ ਦਿੱਤਾ ਜਾਵੇਗਾ। ਉਨ੍ਹਾਂ ਕਿਹਾ ਕਿ ਇਸ ਸਬੰਧੀ ਲੋੜੀਂਦੀ ਕਾਰਵਾਈ ਜਲਦ ਮੁਕੰਮਲ ਕਰ ਲਈ ਜਾਵੇਗੀ ਅਤੇ ਸਬੰਧਤ ਧਿਰਾਂ ਨੂੰ ਸਮੇਂ ਸਿਰ ਸੂਚਿਤ ਕਰ ਦਿੱਤਾ ਜਾਵੇਗਾ। ਉਨ੍ਹਾਂ ਕਿਹਾ ਕਿ ਇਸ ਸਬੰਧੀ ਲੋੜੀਂਦੀ ਕਾਰਵਾਈ ਜਲਦ ਮੁਕੰਮਲ ਕਰ ਲਈ ਜਾਵੇਗੀ ਅਤੇ ਸਬੰਧਤ ਧਿਰਾਂ ਨੂੰ ਸਮੇਂ ਸਿਰ ਸੂਚਿਤ ਕਰ ਦਿੱਤਾ ਜਾਵੇਗਾ।
ਈ-ਟੈਂਡਰ
ਇਸ ਮੌਕੇ ਵੱਖ-ਵੱਖ ਬੁਲਾਰਿਆਂ ਨੇ ਆਪਣੇ ਵਿਚਾਰ ਪੇਸ਼ ਕਰਦਿਆਂ ਹਾਜ਼ਰ ਲੋਕਾਂ ਨੂੰ ਵਿਸਥਾਰ ਸਹਿਤ ਜਾਣਕਾਰੀ ਦਿੱਤੀ ਅਤੇ ਵੱਧ ਤੋਂ ਵੱਧ ਸਹਿਯੋਗ ਦੇਣ ਦੀ ਅਪੀਲ ਕੀਤੀ। ਇਸ ਮੌਕੇ ਵੱਖ-ਵੱਖ ਬੁਲਾਰਿਆਂ ਨੇ ਆਪਣੇ ਵਿਚਾਰ ਪੇਸ਼ ਕਰਦਿਆਂ ਹਾਜ਼ਰ ਲੋਕਾਂ ਨੂੰ ਵਿਸਥਾਰ ਸਹਿਤ ਜਾਣਕਾਰੀ ਦਿੱਤੀ ਅਤੇ ਵੱਧ ਤੋਂ ਵੱਧ ਸਹਿਯੋਗ ਦੇਣ ਦੀ ਅਪੀਲ ਕੀਤੀ। ਇਸ ਮੌਕੇ ਵੱਖ-ਵੱਖ ਬੁਲਾਰਿਆਂ ਨੇ ਆਪਣੇ ਵਿਚਾਰ ਪੇਸ਼ ਕਰਦਿਆਂ ਹਾਜ਼ਰ ਲੋਕਾਂ ਨੂੰ ਵਿਸਥਾਰ ਸਹਿਤ ਜਾਣਕਾਰੀ ਦਿੱਤੀ ਅਤੇ ਵੱਧ ਤੋਂ ਵੱਧ ਸਹਿਯੋਗ ਦੇਣ ਦੀ ਅਪੀਲ ਕੀਤੀ। ਇਸ ਮੌਕੇ ਵੱਖ-ਵੱਖ ਬੁਲਾਰਿਆਂ ਨੇ ਆਪਣੇ ਵਿਚਾਰ ਪੇਸ਼ ਕਰਦਿਆਂ ਹਾਜ਼ਰ ਲੋਕਾਂ ਨੂੰ ਵਿਸਥਾਰ ਸਹਿਤ ਜਾਣਕਾਰੀ ਦਿੱਤੀ ਅਤੇ ਵੱਧ ਤੋਂ ਵੱਧ ਸਹਿਯੋਗ ਦੇਣ ਦੀ ਅਪੀਲ ਕੀਤੀ।
RO No. 1042/2025-26
✶
ਪੰਜਾਬ ਸਰਕਾਰ
ਸਿਹਤ ਤੇ ਪਰਿਵਾਰ ਭਲਾਈ ਵਿਭਾਗ, ਪੰਜਾਬ
ਉਨ੍ਹਾਂ ਕਿਹਾ ਕਿ ਇਸ ਸਬੰਧੀ ਲੋੜੀਂਦੀ ਕਾਰਵਾਈ ਜਲਦ ਮੁਕੰਮਲ ਕਰ ਲਈ ਜਾਵੇਗੀ ਅਤੇ ਸਬੰਧਤ ਧਿਰਾਂ ਨੂੰ ਸਮੇਂ ਸਿਰ ਸੂਚਿਤ ਕਰ ਦਿੱਤਾ ਜਾਵੇਗਾ। ਉਨ੍ਹਾਂ ਕਿਹਾ ਕਿ ਇਸ ਸਬੰਧੀ ਲੋੜੀਂਦੀ ਕਾਰਵਾਈ ਜਲਦ ਮੁਕੰਮਲ ਕਰ ਲਈ ਜਾਵੇਗੀ ਅਤੇ ਸਬੰਧਤ ਧਿਰਾਂ ਨੂੰ ਸਮੇਂ ਸਿਰ ਸੂਚਿਤ ਕਰ ਦਿੱਤਾ ਜਾਵੇਗਾ।
PR-Advt. No. 16661 (2025-26)691	ਚੰਡੀਗੜ੍ਹ
ਪੰਜਾਬ ਸਰਕਾਰ
ਦਫ਼ਤਰ ਜ਼ਿਲ੍ਹਾ ਸਿੱਖਿਆ ਅਫ਼ਸਰ (ਸੈ.ਸਿ.)
ਦਰਖਾਸਤਾਂ ਦੀ ਮੰਗ
ਅਸਾਮੀ	ਲੈਕਚਰਾਰ
ਆਖਰੀ ਮਿਤੀ	31-12-2025
ਇਸ ਸਮਾਗਮ ਵਿਚ ਵੱਡੀ ਗਿਣਤੀ ਵਿਚ ਇਲਾਕਾ ਨਿਵਾਸੀ, ਅਹੁਦੇਦਾਰ ਅਤੇ ਪਤਵੰਤੇ ਸੱਜਣ ਹਾਜ਼ਰ ਸਨ। ਇਸ ਸਮਾਗਮ ਵਿਚ ਵੱਡੀ ਗਿਣਤੀ ਵਿਚ ਇਲਾਕਾ ਨਿਵਾਸੀ, ਅਹੁਦੇਦਾਰ ਅਤੇ ਪਤਵੰਤੇ ਸੱਜਣ ਹਾਜ਼ਰ ਸਨ।
PR-Advt. No. 123 (2025-26)891
P&F01	ਪੰਜਾਬ ਰਾਜ ਪਾਵਰ ਕਾਰਪੋਰੇਸ਼ਨ ਲਿਮਟਿਡ
ਦਫ਼ਤਰ ਨਿਗਰਾਨ ਇੰਜੀਨੀਅਰ, ਵੰਡ ਹਲਕਾ
ਇਸ ਮੌਕੇ ਵੱਖ-ਵੱਖ ਬੁਲਾਰਿਆਂ ਨੇ ਆਪਣੇ ਵਿਚਾਰ ਪੇਸ਼ ਕਰਦਿਆਂ ਹਾਜ਼ਰ ਲੋਕਾਂ ਨੂੰ ਵਿਸਥਾਰ ਸਹਿਤ ਜਾਣਕਾਰੀ ਦਿੱਤੀ ਅਤੇ ਵੱਧ ਤੋਂ ਵੱਧ ਸਹਿਯੋਗ ਦੇਣ ਦੀ ਅਪੀਲ ਕੀਤੀ। ਇਸ ਮੌਕੇ ਵੱਖ-ਵੱਖ ਬੁਲਾਰਿਆਂ ਨੇ ਆਪਣੇ ਵਿਚਾਰ ਪੇਸ਼ ਕਰਦਿਆਂ ਹਾਜ਼ਰ ਲੋਕਾਂ ਨੂੰ ਵਿਸਥਾਰ ਸਹਿਤ ਜਾਣਕਾਰੀ ਦਿੱਤੀ ਅਤੇ ਵੱਧ ਤੋਂ ਵੱਧ ਸਹਿਯੋਗ ਦੇਣ ਦੀ ਅਪੀਲ ਕੀਤੀ। ਇਸ ਮੌਕੇ ਵੱਖ-ਵੱਖ ਬੁਲਾਰਿਆਂ ਨੇ ਆਪਣੇ ਵਿਚਾਰ ਪੇਸ਼ ਕਰਦਿਆਂ ਹਾਜ਼ਰ ਲੋਕਾਂ ਨੂੰ ਵਿਸਥਾਰ ਸਹਿਤ ਜਾਣਕਾਰੀ ਦਿੱਤੀ ਅਤੇ ਵੱਧ ਤੋਂ ਵੱਧ ਸਹਿਯੋਗ ਦੇਣ ਦੀ ਅਪੀਲ ਕੀਤੀ। ਇਸ ਮੌਕੇ ਵੱਖ-ਵੱਖ ਬੁਲਾਰਿਆਂ ਨੇ ਆਪਣੇ ਵਿਚਾਰ ਪੇਸ਼ ਕਰਦਿਆਂ ਹਾਜ਼ਰ ਲੋਕਾਂ ਨੂੰ ਵਿਸਥਾਰ ਸਹਿਤ ਜਾਣਕਾਰੀ ਦਿੱਤੀ ਅਤੇ ਵੱਧ ਤੋਂ ਵੱਧ ਸਹਿਯੋਗ ਦੇਣ ਦੀ ਅਪੀਲ ਕੀਤੀ। ਇਸ ਮੌਕੇ ਵੱਖ-ਵੱਖ ਬੁਲਾਰਿਆਂ ਨੇ ਆਪਣੇ ਵਿਚਾਰ ਪੇਸ਼ ਕਰਦਿਆਂ ਹਾਜ਼ਰ ਲੋਕਾਂ ਨੂੰ ਵਿਸਥਾਰ ਸਹਿਤ ਜਾਣਕਾਰੀ ਦਿੱਤੀ ਅਤੇ ਵੱਧ ਤੋਂ ਵੱਧ ਸਹਿਯੋਗ ਦੇਣ ਦੀ ਅਪੀਲ ਕੀਤੀ।
PR-Advt No. 1234|(2025-26)
ਸਿਰਲੇਖਵਾਰ
ਇਸ਼ਤਿਹਾਰ Classified	Advertisement
ਲੜਕੀ ਚਾਹੀਦੀ
ਜੱਟ ਸਿੱਖ ਲੜਕਾ, ਉਮਰ 28 ਸਾਲ, ਕੱਦ 5'-10", ਕੈਨੇਡਾ ਪੀ.ਆਰ., ਲਈ ਸੋਹਣੀ-ਸੁਨੱਖੀ, ਪੜ੍ਹੀ-ਲਿਖੀ ਲੜਕੀ ਦੀ ਲੋੜ ਹੈ। ਸੰਪਰਕ: ਜੱਟ ਸਿੱਖ ਲੜਕਾ, ਉਮਰ 28 ਸਾਲ, ਕੱਦ 5'-10", ਕੈਨੇਡਾ ਪੀ.ਆਰ., ਲਈ ਸੋਹਣੀ-ਸੁਨੱਖੀ, ਪੜ੍ਹੀ-ਲਿਖੀ ਲੜਕੀ ਦੀ ਲੋੜ ਹੈ। ਸੰਪਰਕ: 94630-12345
Ceybong
ਰਾਮਗੜ੍ਹੀਆ ਸਿੱਖ ਲੜਕਾ, 30/5'-8", ਐਮ.ਟੈਕ., ਚੰਗੀ ਨੌਕਰੀ, ਲਈ ਯੋਗ ਰਿਸ਼ਤੇ ਦੀ ਲੋੜ ਹੈ। ਸੰਪਰਕ: ਰਾਮਗੜ੍ਹੀਆ ਸਿੱਖ ਲੜਕਾ, 30/5'-8", ਐਮ.ਟੈਕ., ਚੰਗੀ ਨੌਕਰੀ, ਲਈ ਯੋਗ ਰਿਸ਼ਤੇ ਦੀ ਲੋੜ ਹੈ। ਸੰਪਰਕ: 98140-22334
ਲੜਕਾ ਚਾਹੀਦਾ
Jat Sikh USA citizen girl, 29 yrs, 5'-4", B.Sc. Nursing, seeks well settled, professionally qualified match. Contact: Jat Sikh USA citizen girl, 29 yrs, 5'-4", B.Sc. Nursing, seeks well settled, professionally qualified match. Contact: 001-408-555-0182
Ceybong
ਸੈਣੀ ਸਿੱਖ ਲੜਕੀ, 27/5'-4", ਐਮ.ਐਸ.ਸੀ. ਨਰਸਿੰਗ, ਲਈ ਕੈਨੇਡਾ/ਅਮਰੀਕਾ ਸੈਟਲਡ ਲੜਕੇ ਦੀ ਲੋੜ ਹੈ। ਸੰਪਰਕ: ਸੈਣੀ ਸਿੱਖ ਲੜਕੀ, 27/5'-4", ਐਮ.ਐਸ.ਸੀ. ਨਰਸਿੰਗ, ਲਈ ਕੈਨੇਡਾ/ਅਮਰੀਕਾ ਸੈਟਲਡ ਲੜਕੇ ਦੀ ਲੋੜ ਹੈ। ਸੰਪਰਕ: 95010-44556
NRI ਰਿਸ਼ਤੇ
ਅਰੋੜਾ ਖੱਤਰੀ ਲੜਕਾ, 32/5'-9", ਆਸਟ੍ਰੇਲੀਆ ਪੀ.ਆਰ., ਚੰਗਾ ਕਾਰੋਬਾਰ, ਲਈ ਰਿਸ਼ਤੇ ਦੀ ਲੋੜ ਹੈ। ਸੰਪਰਕ: ਅਰੋੜਾ ਖੱਤਰੀ ਲੜਕਾ, 32/5'-9", ਆਸਟ੍ਰੇਲੀਆ ਪੀ.ਆਰ., ਚੰਗਾ ਕਾਰੋਬਾਰ, ਲਈ ਰਿਸ਼ਤੇ ਦੀ ਲੋੜ ਹੈ। ਸੰਪਰਕ: 90411-66778
ਲੜਕਾ ਚਾਹੀਦਾ
ਟਾਂਕ ਕਸ਼ਤਰੀ ਲੜਕੀ, 26/5'-3", ਬੀ.ਐਡ., ਸਰਕਾਰੀ ਨੌਕਰੀ, ਲਈ ਯੋਗ ਵਰ ਦੀ ਲੋੜ ਹੈ। ਸੰਪਰਕ: ਟਾਂਕ ਕਸ਼ਤਰੀ ਲੜਕੀ, 26/5'-3", ਬੀ.ਐਡ., ਸਰਕਾਰੀ ਨੌਕਰੀ, ਲਈ ਯੋਗ ਵਰ ਦੀ ਲੋੜ ਹੈ। ਸੰਪਰਕ: 98760-11223
Ceybong
ਲੁਬਾਣਾ ਸਿੱਖ ਲੜਕਾ, 29/5'-11", ਕੈਨੇਡਾ ਵਰਕ ਪਰਮਿਟ 'ਤੇ, ਲਈ ਰਿਸ਼ਤੇ ਦੀ ਲੋੜ ਹੈ। ਸੰਪਰਕ: ਲੁਬਾਣਾ ਸਿੱਖ ਲੜਕਾ, 29/5'-11", ਕੈਨੇਡਾ ਵਰਕ ਪਰਮਿਟ 'ਤੇ, ਲਈ ਰਿਸ਼ਤੇ ਦੀ ਲੋੜ ਹੈ। ਸੰਪਰਕ: 84370-55667
USA citizen Jat Sikh boy, 31 yrs, 5'-8", own business, seeks beautiful, educated girl. Caste no bar. Contact: USA citizen Jat Sikh boy, 31 yrs, 5'-8", own business, seeks beautiful, educated girl. Caste no bar. Contact: 001-230-555-0147
ਜ਼ਮੀਨ ਵਿਕਾਊ
ਜੀ.ਟੀ. ਰੋਡ ਨੇੜੇ 8 ਏਕੜ ਜ਼ਮੀਨ, ਮੋਟਰ-ਬੋਰ ਸਮੇਤ, ਵਾਜਬ ਕੀਮਤ 'ਤੇ ਵਿਕਾਊ ਹੈ। ਸੰਪਰਕ: ਜੀ.ਟੀ. ਰੋਡ ਨੇੜੇ 8 ਏਕੜ ਜ਼ਮੀਨ, ਮੋਟਰ-ਬੋਰ ਸਮੇਤ, ਵਾਜਬ ਕੀਮਤ 'ਤੇ ਵਿਕਾਊ ਹੈ। ਸੰਪਰਕ: 98550-99887
ਮਕਾਨ ਵਿਕਾਊ
ਮਾਡਲ ਟਾਊਨ ਵਿਖੇ 10 ਮਰਲੇ ਕੋਠੀ, ਡਬਲ ਸਟੋਰੀ, ਪਾਰਕ ਫੇਸਿੰਗ, ਵਿਕਾਊ ਹੈ। ਸੰਪਰਕ: ਮਾਡਲ ਟਾਊਨ ਵਿਖੇ 10 ਮਰਲੇ ਕੋਠੀ, ਡਬਲ ਸਟੋਰੀ, ਪਾਰਕ ਫੇਸਿੰਗ, ਵਿਕਾਊ ਹੈ। ਸੰਪਰਕ: 97790-33445
ਸੂਚਨਾ
ਮੇਰਾ ਅਸਲ ਨਾਮ ਗੁਰਮੀਤ ਸਿੰਘ ਪੁੱਤਰ ਸ. ਕਰਤਾਰ ਸਿੰਘ, ਵਾਸੀ ਜਲੰਧਰ ਹੈ। ਸਾਰੇ ਰਿਕਾਰਡ ਵਿਚ ਇਹੀ ਨਾਮ ਦਰੁਸਤ ਸਮਝਿਆ ਜਾਵੇ।
ਆਪਣਾ ਇਸ਼ਤਿਹਾਰ ਇੱਥੇ ਦਿਓ
ਸੰਪਰਕ: 0181-2455961
ਨੌਕਰੀ
ਫੈਕਟਰੀ ਲਈ ਤਜਰਬੇਕਾਰ ਵੈਲਡਰ, ਟਰਨਰ ਅਤੇ ਹੈਲਪਰਾਂ ਦੀ ਲੋੜ ਹੈ। ਰਿਹਾਇਸ਼ ਮੁਫ਼ਤ। ਸੰਪਰਕ: ਫੈਕਟਰੀ ਲਈ ਤਜਰਬੇਕਾਰ ਵੈਲਡਰ, ਟਰਨਰ ਅਤੇ ਹੈਲਪਰਾਂ ਦੀ ਲੋੜ ਹੈ। ਰਿਹਾਇਸ਼ ਮੁਫ਼ਤ। ਸੰਪਰਕ: 98030-77665
ਟੂਰ ਐਂਡ ਟਰੈਵਲਜ਼
ਹਰ ਐਤਵਾਰ ਸ੍ਰੀ ਹਰਿਮੰਦਰ ਸਾਹਿਬ ਦਰਸ਼ਨਾਂ ਲਈ ਬੱਸ ਸੇਵਾ। ਬੁਕਿੰਗ ਲਈ:
62849-10111
ਪਾਠਕਾਂ ਦੇ ਧਿਆਨ ਹਿਤ
ਇਸ਼ਤਿਹਾਰਾਂ ਵਿਚ ਦਿੱਤੇ ਦਾਅਵਿਆਂ ਦੀ ਪੁਸ਼ਟੀ ਪਾਠਕ ਆਪਣੇ ਪੱਧਰ 'ਤੇ ਕਰ ਲੈਣ। ਅਦਾਰਾ ਕਿਸੇ ਦਾਅਵੇ ਲਈ ਜ਼ਿੰਮੇਵਾਰ ਨਹੀਂ ਹੋਵੇਗਾ।
ਸ਼ਰਧਾਂਜਲੀ
ਸਾਡੇ ਪੂਜਨੀਕ ਪਿਤਾ ਜੀ ਦੀ ਮਿੱਠੀ ਯਾਦ ਵਿਚ, ਜਿਨ੍ਹਾਂ ਨੂੰ ਵਿਛੜਿਆਂ ਇਕ ਸਾਲ ਹੋ ਗਿਆ। ਪਰਿਵਾਰ ਵਲੋਂ ਸ਼ਰਧਾ ਦੇ ਫੁੱਲ।
ਸ਼ੁਕਰਾਨਾ
ਸ੍ਰੀ ਸੁਖਮਨੀ ਸਾਹਿਬ ਜੀ ਦੇ ਪਾਠਾਂ ਦੀ ਸਮਾਪਤੀ ਅਤੇ ਸ਼ੁਕਰਾਨੇ ਦੀ ਅਰਦਾਸ ਮਿਤੀ 21 ਦਸੰਬਰ ਨੂੰ ਹੋਵੇਗੀ।
✈
Time and Travel
ਦਿੱਲੀ ਏਅਰਪੋਰਟ ਪਿਕ-ਡਰਾਪ, ਟੈਕਸੀ ਸੇਵਾ 24 ਘੰਟੇ ਉਪਲਬਧ।
99140-20304
ਵਰਕ ਪਰਮਿਟ
ਕੈਨੇਡਾ, ਆਸਟ੍ਰੇਲੀਆ, ਨਿਊਜ਼ੀਲੈਂਡ ਲਈ ਵਰਕ ਪਰਮਿਟ। ਫਾਈਲ ਲੱਗਣ ਤੋਂ ਬਾਅਦ ਫੀਸ। ਸੰਪਰਕ: ਕੈਨੇਡਾ, ਆਸਟ੍ਰੇਲੀਆ, ਨਿਊਜ਼ੀਲੈਂਡ ਲਈ ਵਰਕ ਪਰਮਿਟ। ਫਾਈਲ ਲੱਗਣ ਤੋਂ ਬਾਅਦ ਫੀਸ। ਸੰਪਰਕ: 73473-50607
✚
Nurses Jobs Jobs
ਹਸਪਤਾਲ ਲਈ ਸਟਾਫ ਨਰਸਾਂ, GNM/ANM ਦੀ ਤੁਰੰਤ ਲੋੜ ਹੈ।
90560-30405
ਸਟੱਡੀ ਵੀਜ਼ਾ
IELTS 5.5 ਬੈਂਡ 'ਤੇ ਕੈਨੇਡਾ ਸਟੱਡੀ ਵੀਜ਼ਾ। ਬਿਨਾਂ IELTS ਵੀ ਚਾਂਸ। ਸੰਪਰਕ: IELTS 5.5 ਬੈਂਡ 'ਤੇ ਕੈਨੇਡਾ ਸਟੱਡੀ ਵੀਜ਼ਾ। ਬਿਨਾਂ IELTS ਵੀ ਚਾਂਸ। ਸੰਪਰਕ: 95920-80901
ਕਿਰਾਏ ਲਈ ਖਾਲੀ
ਸਿਵਲ ਲਾਈਨਜ਼ ਵਿਖੇ ਦਫ਼ਤਰ ਲਈ ਢੁਕਵੀਂ ਜਗ੍ਹਾ ਕਿਰਾਏ ਲਈ ਖਾਲੀ ਹੈ। ਸੰਪਰਕ: ਸਿਵਲ ਲਾਈਨਜ਼ ਵਿਖੇ ਦਫ਼ਤਰ ਲਈ ਢੁਕਵੀਂ ਜਗ੍ਹਾ ਕਿਰਾਏ ਲਈ ਖਾਲੀ ਹੈ। ਸੰਪਰਕ: 98780-10203
ਜ਼ਰੂਰੀ ਬੇਨਤੀ
ਇਸ਼ਤਿਹਾਰ ਬੁੱਕ ਕਰਵਾਉਣ ਲਈ ਆਪਣੇ ਨੇੜਲੇ ਅਧਿਕਾਰਤ ਏਜੰਟ ਨਾਲ ਜਾਂ ਮੁੱਖ ਦਫ਼ਤਰ ਨਾਲ ਸੰਪਰਕ ਕਰੋ।
